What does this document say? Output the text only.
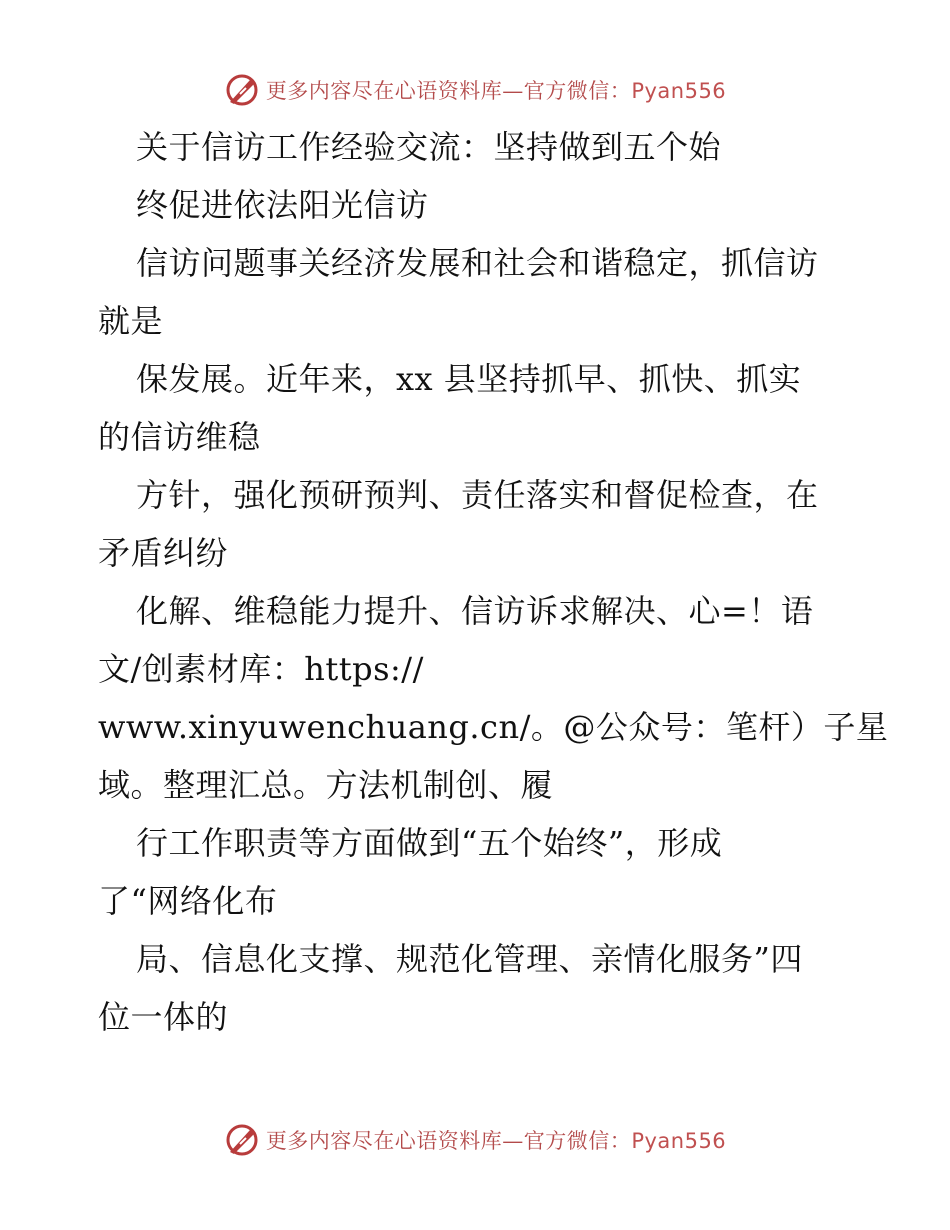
更多内容尽在心语资料库—官方微信：Pyan556
关于信访工作经验交流：坚持做到五个始
终促进依法阳光信访
信访问题事关经济发展和社会和谐稳定，抓信访
就是
保发展。近年来，xx 县坚持抓早、抓快、抓实
的信访维稳
方针，强化预研预判、责任落实和督促检查，在
矛盾纠纷
化解、维稳能力提升、信访诉求解决、心=！语
文/创素材库：https://
www.xinyuwenchuang.cn/。@公众号：笔杆）子星
域。整理汇总。方法机制创、履
行工作职责等方面做到“五个始终”，形成
了“网络化布
局、信息化支撑、规范化管理、亲情化服务”四
位一体的
更多内容尽在心语资料库—官方微信：Pyan556
